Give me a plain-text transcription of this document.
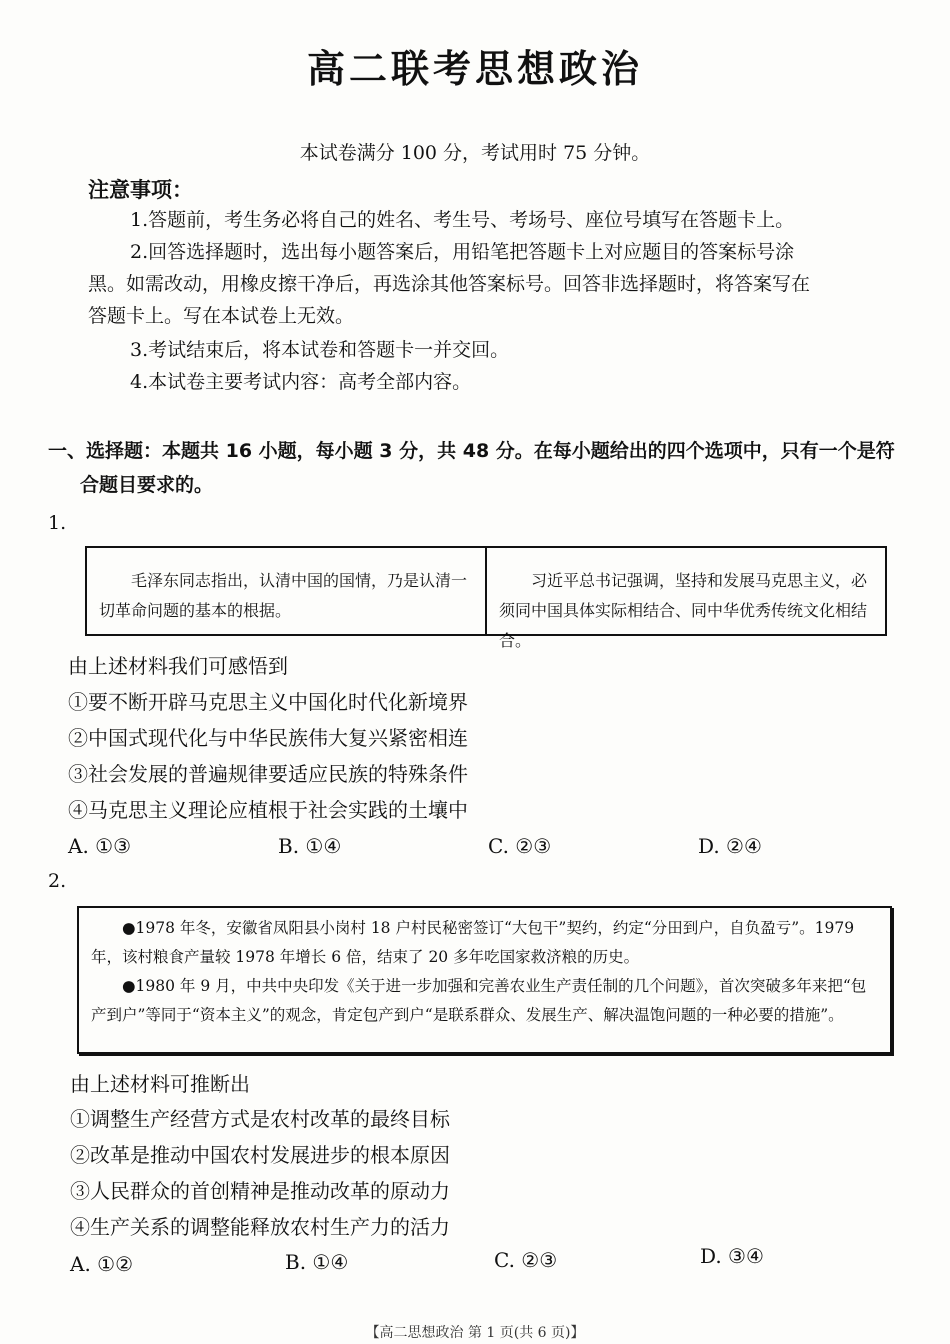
高二联考思想政治
本试卷满分 100 分，考试用时 75 分钟。
注意事项：
1.答题前，考生务必将自己的姓名、考生号、考场号、座位号填写在答题卡上。
2.回答选择题时，选出每小题答案后，用铅笔把答题卡上对应题目的答案标号涂
黑。如需改动，用橡皮擦干净后，再选涂其他答案标号。回答非选择题时，将答案写在
答题卡上。写在本试卷上无效。
3.考试结束后，将本试卷和答题卡一并交回。
4.本试卷主要考试内容：高考全部内容。
一、选择题：本题共 16 小题，每小题 3 分，共 48 分。在每小题给出的四个选项中，只有一个是符
合题目要求的。
1.
毛泽东同志指出，认清中国的国情，乃是认清一切革命问题的基本的根据。
习近平总书记强调，坚持和发展马克思主义，必须同中国具体实际相结合、同中华优秀传统文化相结合。
由上述材料我们可感悟到
①要不断开辟马克思主义中国化时代化新境界
②中国式现代化与中华民族伟大复兴紧密相连
③社会发展的普遍规律要适应民族的特殊条件
④马克思主义理论应植根于社会实践的土壤中
A. ①③	B. ①④	C. ②③	D. ②④
2.
●1978 年冬，安徽省凤阳县小岗村 18 户村民秘密签订“大包干”契约，约定“分田到户，自负盈亏”。1979 年，该村粮食产量较 1978 年增长 6 倍，结束了 20 多年吃国家救济粮的历史。
●1980 年 9 月，中共中央印发《关于进一步加强和完善农业生产责任制的几个问题》，首次突破多年来把“包产到户”等同于“资本主义”的观念，肯定包产到户“是联系群众、发展生产、解决温饱问题的一种必要的措施”。
由上述材料可推断出
①调整生产经营方式是农村改革的最终目标
②改革是推动中国农村发展进步的根本原因
③人民群众的首创精神是推动改革的原动力
④生产关系的调整能释放农村生产力的活力
A. ①②	B. ①④	C. ②③	D. ③④
【高二思想政治 第 1 页(共 6 页)】
